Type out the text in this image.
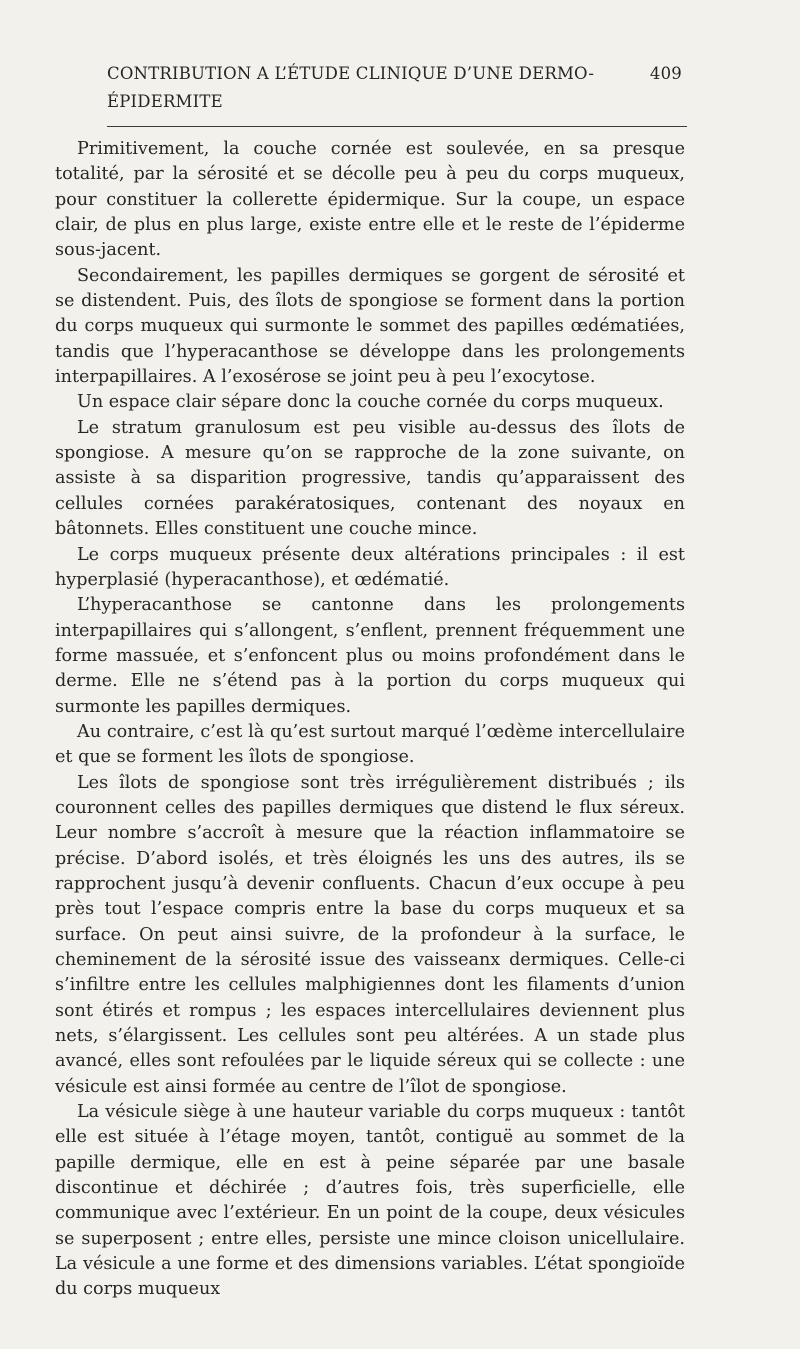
CONTRIBUTION A L’ÉTUDE CLINIQUE D’UNE DERMO-ÉPIDERMITE
409

Primitivement, la couche cornée est soulevée, en sa presque totalité, par la sérosité et se décolle peu à peu du corps muqueux, pour constituer la collerette épidermique. Sur la coupe, un espace clair, de plus en plus large, existe entre elle et le reste de l’épiderme sous-jacent.

Secondairement, les papilles dermiques se gorgent de sérosité et se distendent. Puis, des îlots de spongiose se forment dans la portion du corps muqueux qui surmonte le sommet des papilles œdématiées, tandis que l’hyperacanthose se développe dans les prolongements interpapillaires. A l’exosérose se joint peu à peu l’exocytose.

Un espace clair sépare donc la couche cornée du corps muqueux.

Le stratum granulosum est peu visible au-dessus des îlots de spongiose. A mesure qu’on se rapproche de la zone suivante, on assiste à sa disparition progressive, tandis qu’apparaissent des cellules cornées parakératosiques, contenant des noyaux en bâtonnets. Elles constituent une couche mince.

Le corps muqueux présente deux altérations principales : il est hyperplasié (hyperacanthose), et œdématié.

L’hyperacanthose se cantonne dans les prolongements interpapillaires qui s’allongent, s’enflent, prennent fréquemment une forme massuée, et s’enfoncent plus ou moins profondément dans le derme. Elle ne s’étend pas à la portion du corps muqueux qui surmonte les papilles dermiques.

Au contraire, c’est là qu’est surtout marqué l’œdème intercellulaire et que se forment les îlots de spongiose.

Les îlots de spongiose sont très irrégulièrement distribués ; ils couronnent celles des papilles dermiques que distend le flux séreux. Leur nombre s’accroît à mesure que la réaction inflammatoire se précise. D’abord isolés, et très éloignés les uns des autres, ils se rapprochent jusqu’à devenir confluents. Chacun d’eux occupe à peu près tout l’espace compris entre la base du corps muqueux et sa surface. On peut ainsi suivre, de la profondeur à la surface, le cheminement de la sérosité issue des vaisseanx dermiques. Celle-ci s’infiltre entre les cellules malphigiennes dont les filaments d’union sont étirés et rompus ; les espaces intercellulaires deviennent plus nets, s’élargissent. Les cellules sont peu altérées. A un stade plus avancé, elles sont refoulées par le liquide séreux qui se collecte : une vésicule est ainsi formée au centre de l’îlot de spongiose.

La vésicule siège à une hauteur variable du corps muqueux : tantôt elle est située à l’étage moyen, tantôt, contiguë au sommet de la papille dermique, elle en est à peine séparée par une basale discontinue et déchirée ; d’autres fois, très superficielle, elle communique avec l’extérieur. En un point de la coupe, deux vésicules se superposent ; entre elles, persiste une mince cloison unicellulaire. La vésicule a une forme et des dimensions variables. L’état spongioïde du corps muqueux
